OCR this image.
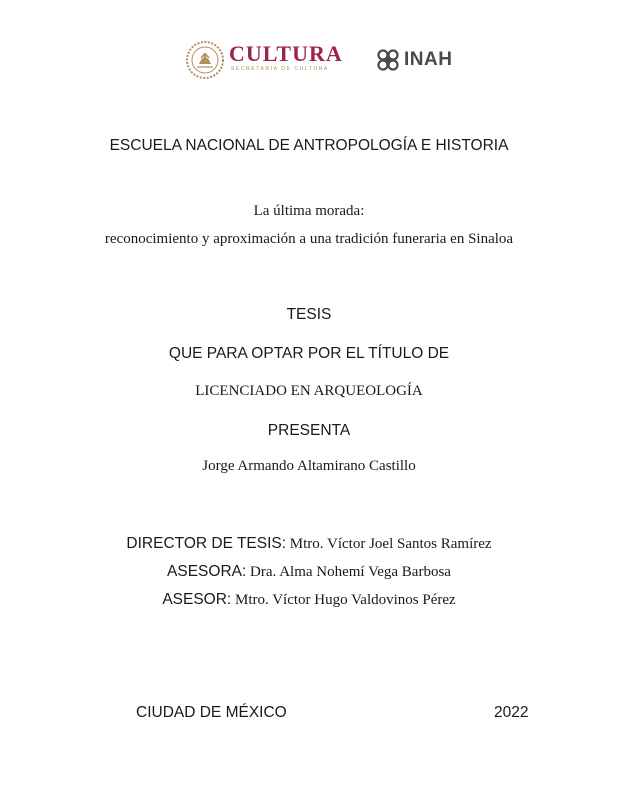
CULTURA
SECRETARÍA DE CULTURA	INAH
ESCUELA NACIONAL DE ANTROPOLOGÍA E HISTORIA
La última morada:
reconocimiento y aproximación a una tradición funeraria en Sinaloa
TESIS
QUE PARA OPTAR POR EL TÍTULO DE
LICENCIADO EN ARQUEOLOGÍA
PRESENTA
Jorge Armando Altamirano Castillo
DIRECTOR DE TESIS: Mtro. Víctor Joel Santos Ramírez
ASESORA: Dra. Alma Nohemí Vega Barbosa
ASESOR: Mtro. Víctor Hugo Valdovinos Pérez
CIUDAD DE MÉXICO	2022
